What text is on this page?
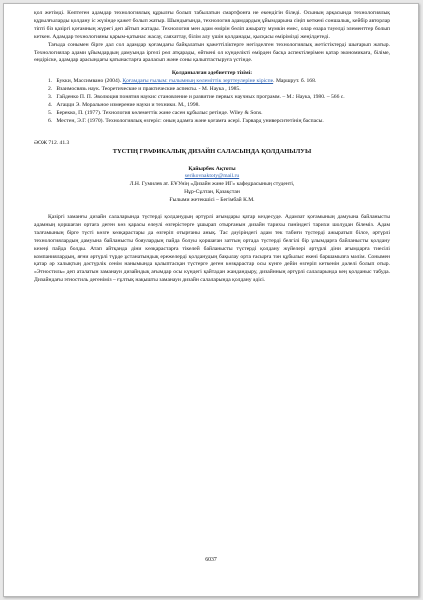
қол жетімді. Көптеген адамдар технологиялық құрылғы болып табылатын смартфонға не екендігін біледі. Осының арқасында технологиялық құрылғыларды қолдану іс жүзінде қажет болып жатыр. Шындығында, технология адамдардың ұйымдарына сіңіп кеткені соншалық, кейбір авторлар тіпті біз қазіргі қоғамның жүрегі деп айтып жатады. Технология мен адам өмірін бөліп ажырату мүмкін емес, олар өзара тәуелді элементтер болып кеткен. Адамдар технологияны қарым-қатынас жасау, саяхаттау, білім алу үшін қолданады, қысқасы өмірімізді жеңілдетеді.

Тағыда сонымен бірге дал сол адамдар қоғамдағы байқалатын қажеттіліктерге негізделген технологиялық жетістіктерді шығарып жатыр. Технологиялар адами ұйымдардың дамуында іргелі рөл атқарады, өйткені ол күнделікті өмірден басқа аспектілерімен қатар экономикаға, біліме, өндіріске, адамдар арасындағы қатынастарға араласып және соны қалыптастыруға үстінде.

Қолданылған әдебиеттер тізімі:

1. Букки, Массимвано (2004). Қоғамдағы ғылым: ғылымның көлеміттік зерттеулеріне кіріспе. Маршрут. б. 168.

2. Взаимосвязь наук. Теоретические и практические аспекты. - М. Наука , 1985.

3. Гайденко П. П. Эволюция понятия наукис становление и развитие первых научных программ. – М.: Наука, 1980. – 566 с.

4. Агацци Э. Моральное измерение науки и техники. М., 1998.

5. Берекко, П. (1977). Технология көлеметтік және сасен құбылыс ретінде. Wiley & Sons.

6. Местен, Э.Г. (1970). Технологиялық өзгеріс: оның адамға және қоғамға әсері. Гарвард университетінің баспасы.

ӘОЖ 712. 41.3

ТҮСТІҢ ГРАФИКАЛЫҚ ДИЗАЙН САЛАСЫНДА ҚОЛДАНЫЛУЫ

Қайырбек Ақтоты

serikovnaktoty@mail.ru

Л.Н. Гумилев ат. ЕҰУнің «Дизайн және ИГ» кафедрасының студенті,

Нұр-Сұлтан, Қазақстан

Ғылыми жетекшісі – Бегімбай К.М.

Қазіргі заманғы дизайн салаларында түстерді қолданудың әртүрлі ағымдары қатар кездесуде. Адамзат қоғамының дамуына байланысты адамның қоршаған ортаға деген көз қарасы елеулі өзгерістерге ұшырап отырғанын дизайн тарихы пәніндегі тарихи шолудан білеміз. Адам талғамының бірге түсті көзге көзқарастары да өзгеріп отырғаны анық. Тас дәуіріндегі адам тек табиғи түстерді ажыратып білсе, әртүрлі технологиялардың дамуына байланысты бояулардың пайда болуы қоршаған заттың ортада түстерді белгілі бір ұлымдарға байланысты қолдану кезеңі пайда болды. Атап айтқанда діни көзқарастарға тікелей байланысты түстерді қолдану жүйелері әртүрлі діни ағымдарға тиесілі компаниялардың, яғни әртүрлі түрде ұстанатындық ережелерді қолданудың бақылау орта ғасырға тән құбылыс екені баршамызға мәлім. Сонымен қатар әр халықтың дәстүрлік сенім нанымында қалыптасқан түстерге деген көзқарастар осы күнге дейін өзгеріп кеткенін дәлелі болып отыр. «Этностиль» деп аталатын заманауи дизайндық ағымдар осы күндегі қайтадан жандандыру, дизайнның әртүрлі салаларында кең қолданыс табуда. Дизайндағы этностиль дегеніміз – ғұлтық нақышты заманауи дизайн салаларында қолдану әдісі.

6037
